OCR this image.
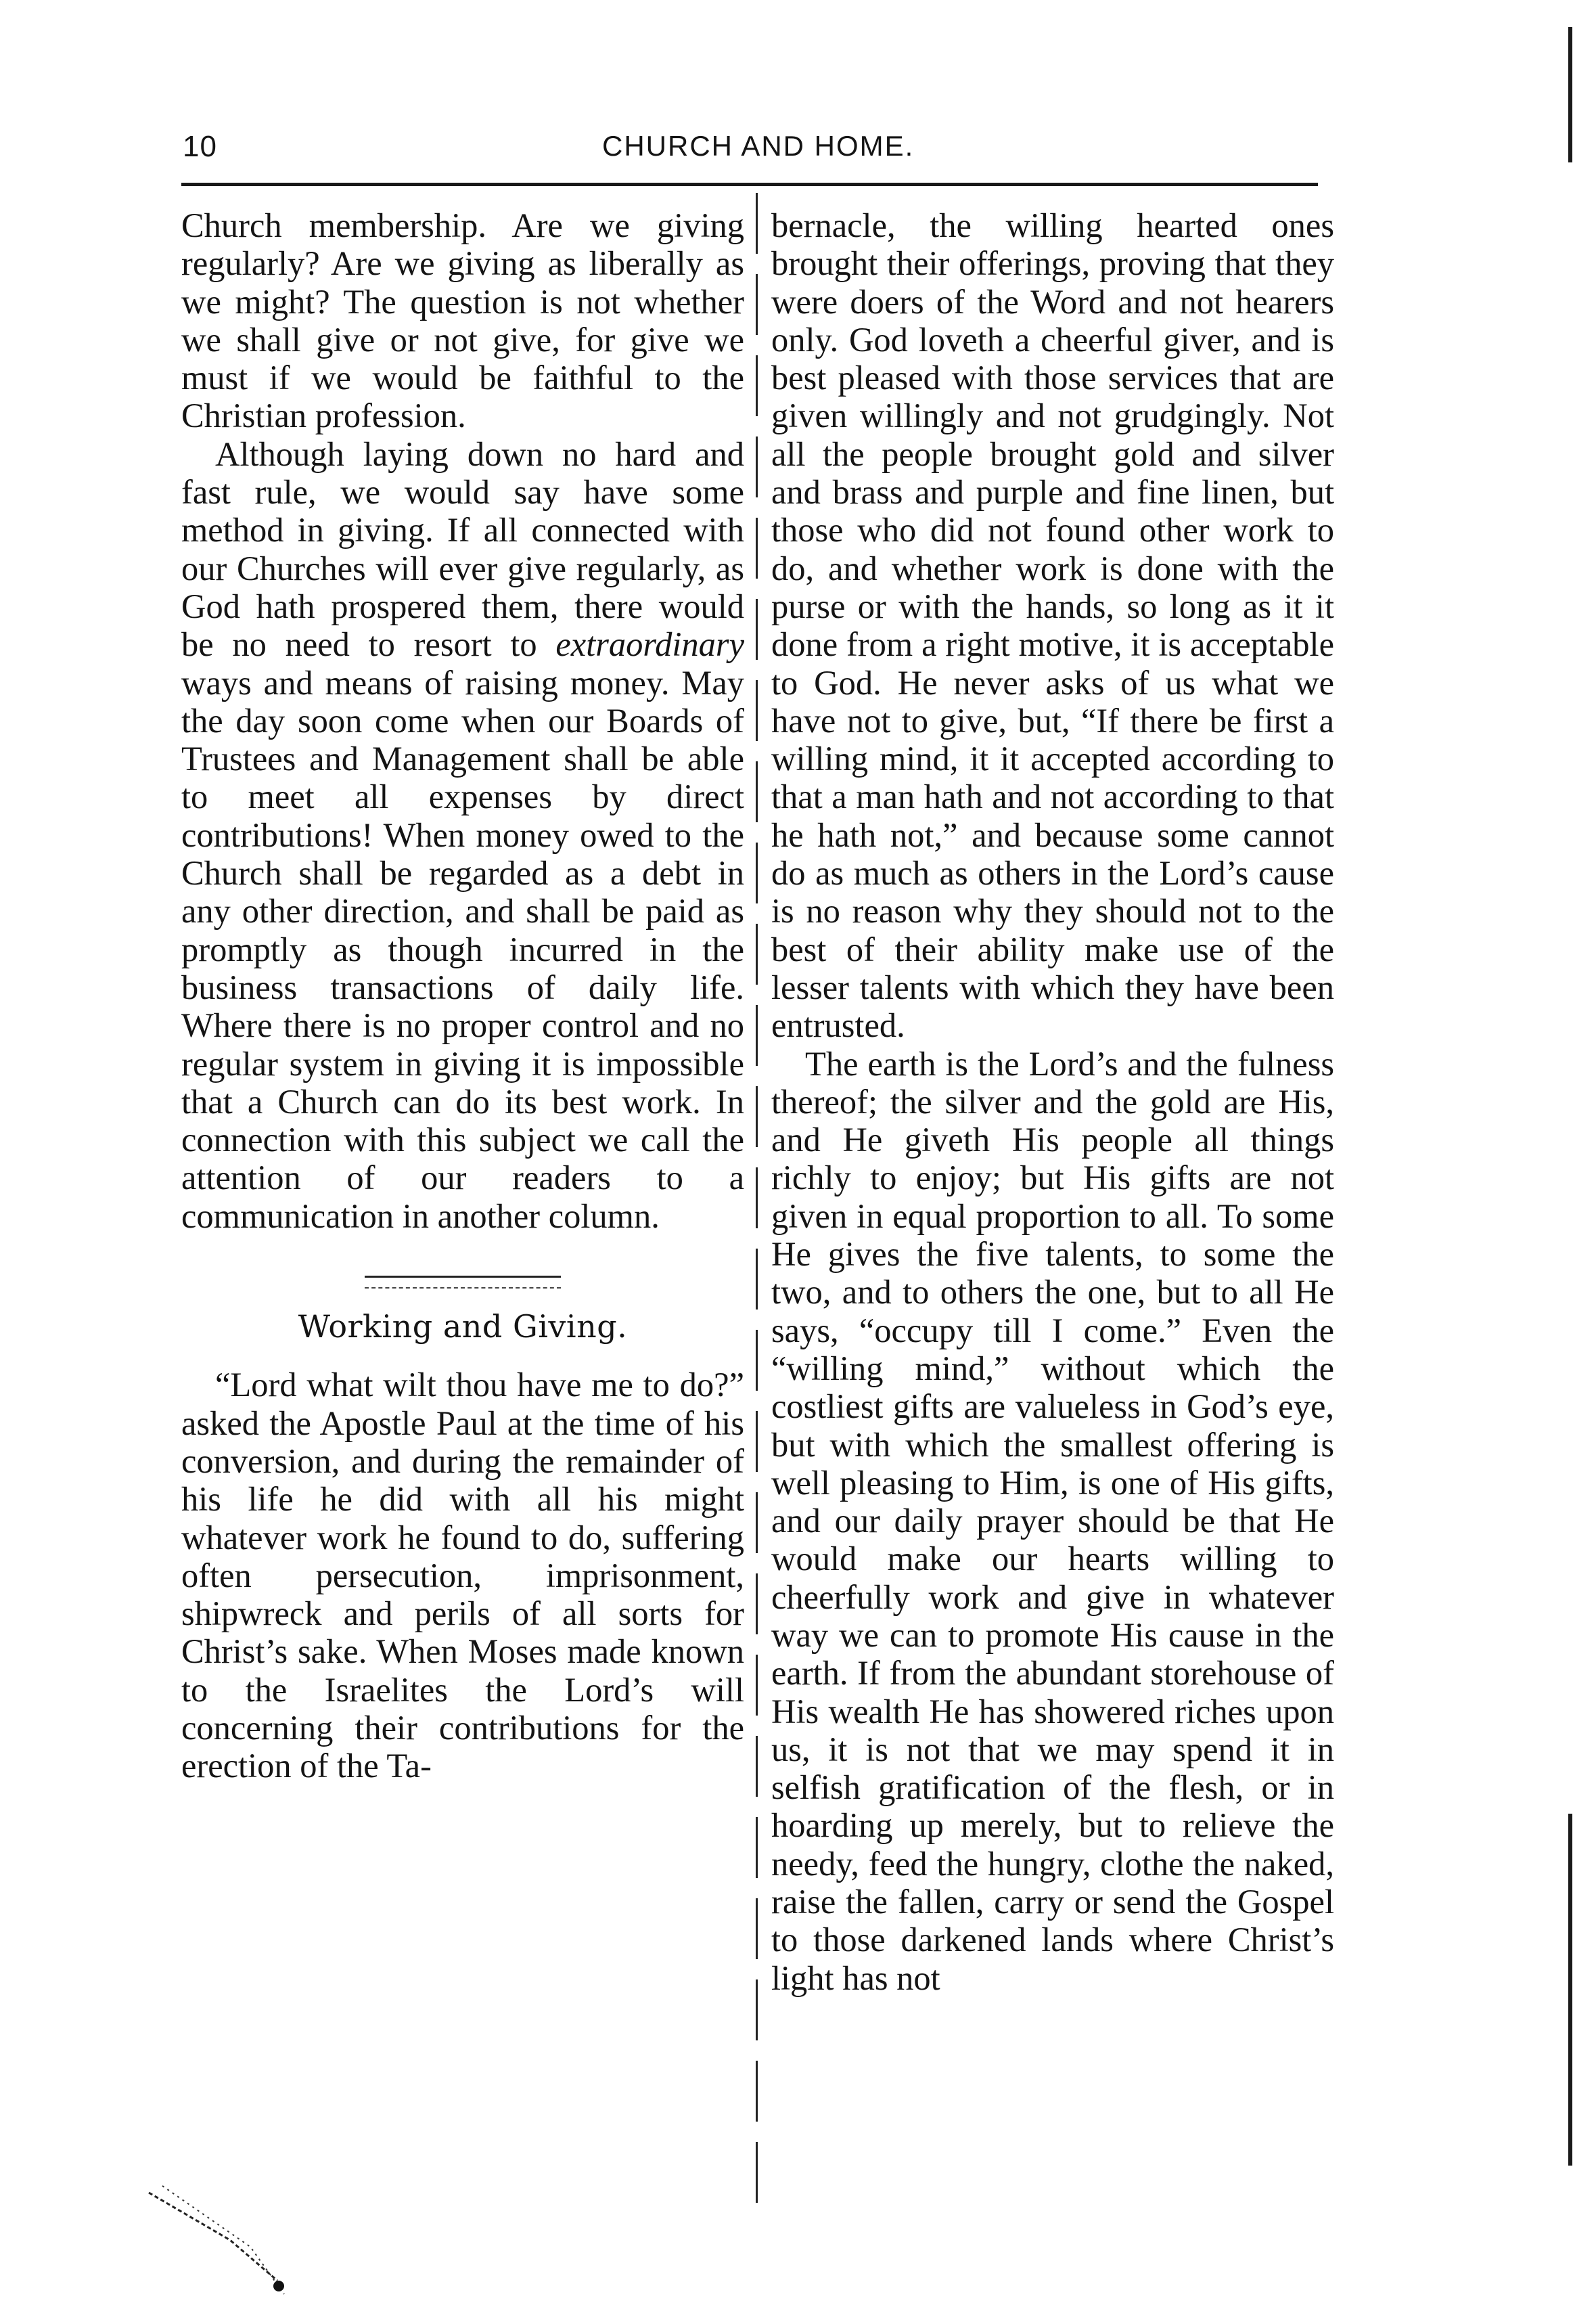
10	CHURCH AND HOME.

Church membership. Are we giving regularly? Are we giving as liberally as we might? The question is not whether we shall give or not give, for give we must if we would be faithful to the Christian profession.

Although laying down no hard and fast rule, we would say have some method in giving. If all connected with our Churches will ever give regularly, as God hath prospered them, there would be no need to resort to extraordinary ways and means of raising money. May the day soon come when our Boards of Trustees and Management shall be able to meet all expenses by direct contributions! When money owed to the Church shall be regarded as a debt in any other direction, and shall be paid as promptly as though incurred in the business transactions of daily life. Where there is no proper control and no regular system in giving it is impossible that a Church can do its best work. In connection with this subject we call the attention of our readers to a communication in another column.

Working and Giving.

“Lord what wilt thou have me to do?” asked the Apostle Paul at the time of his conversion, and during the remainder of his life he did with all his might whatever work he found to do, suffering often persecution, imprisonment, shipwreck and perils of all sorts for Christ’s sake. When Moses made known to the Israelites the Lord’s will concerning their contributions for the erection of the Ta-

bernacle, the willing hearted ones brought their offerings, proving that they were doers of the Word and not hearers only. God loveth a cheerful giver, and is best pleased with those services that are given willingly and not grudgingly. Not all the people brought gold and silver and brass and purple and fine linen, but those who did not found other work to do, and whether work is done with the purse or with the hands, so long as it it done from a right motive, it is acceptable to God. He never asks of us what we have not to give, but, “If there be first a willing mind, it it accepted according to that a man hath and not according to that he hath not,” and because some cannot do as much as others in the Lord’s cause is no reason why they should not to the best of their ability make use of the lesser talents with which they have been entrusted.

The earth is the Lord’s and the fulness thereof; the silver and the gold are His, and He giveth His people all things richly to enjoy; but His gifts are not given in equal proportion to all. To some He gives the five talents, to some the two, and to others the one, but to all He says, “occupy till I come.” Even the “willing mind,” without which the costliest gifts are valueless in God’s eye, but with which the smallest offering is well pleasing to Him, is one of His gifts, and our daily prayer should be that He would make our hearts willing to cheerfully work and give in whatever way we can to promote His cause in the earth. If from the abundant storehouse of His wealth He has showered riches upon us, it is not that we may spend it in selfish gratification of the flesh, or in hoarding up merely, but to relieve the needy, feed the hungry, clothe the naked, raise the fallen, carry or send the Gospel to those darkened lands where Christ’s light has not
